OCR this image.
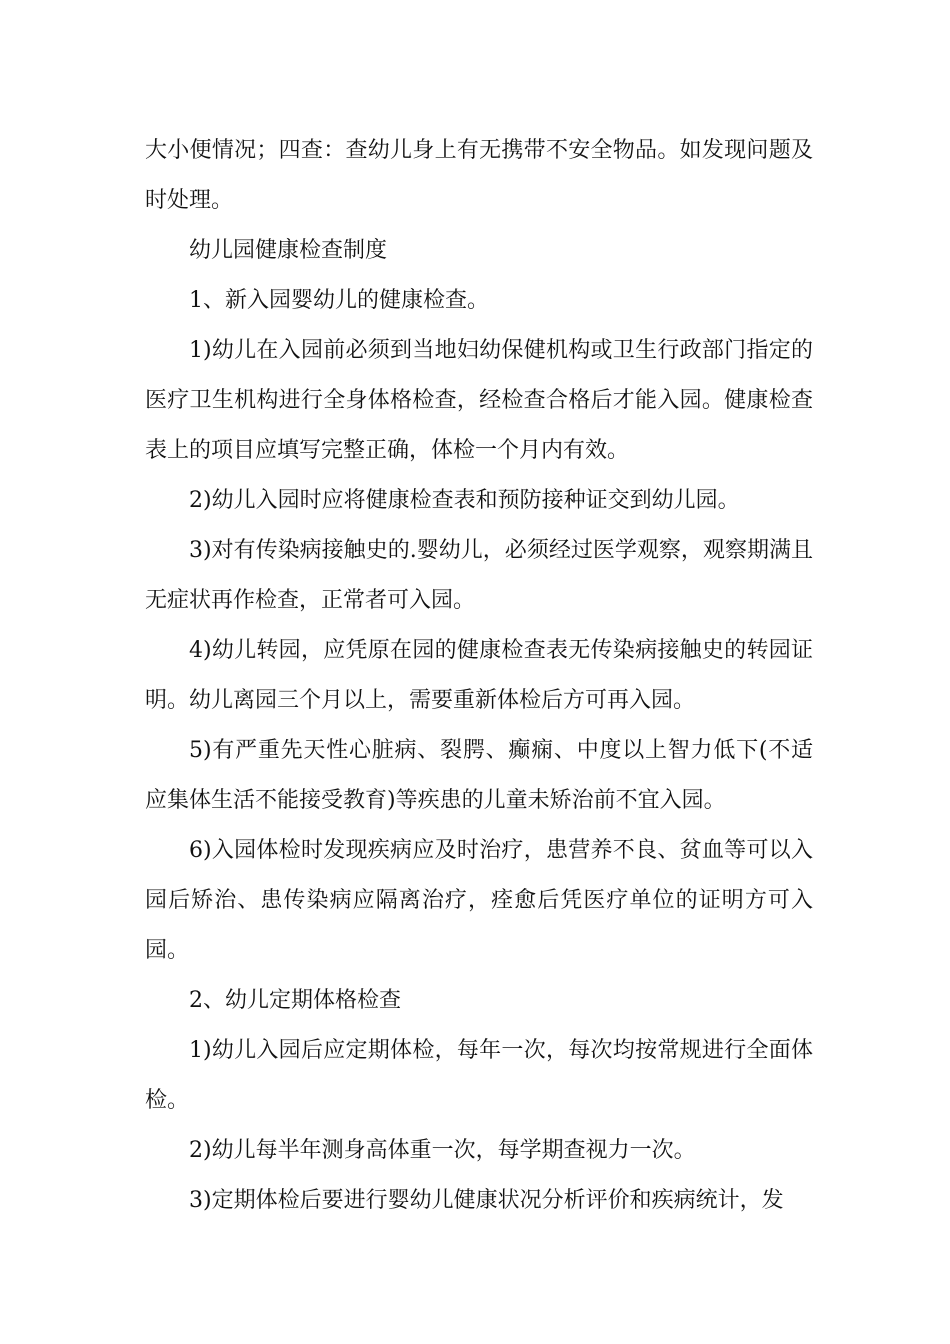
大小便情况；四查：查幼儿身上有无携带不安全物品。如发现问题及时处理。

幼儿园健康检查制度

1、新入园婴幼儿的健康检查。

1)幼儿在入园前必须到当地妇幼保健机构或卫生行政部门指定的医疗卫生机构进行全身体格检查，经检查合格后才能入园。健康检查表上的项目应填写完整正确，体检一个月内有效。

2)幼儿入园时应将健康检查表和预防接种证交到幼儿园。

3)对有传染病接触史的.婴幼儿，必须经过医学观察，观察期满且无症状再作检查，正常者可入园。

4)幼儿转园，应凭原在园的健康检查表无传染病接触史的转园证明。幼儿离园三个月以上，需要重新体检后方可再入园。

5)有严重先天性心脏病、裂腭、癫痫、中度以上智力低下(不适应集体生活不能接受教育)等疾患的儿童未矫治前不宜入园。

6)入园体检时发现疾病应及时治疗，患营养不良、贫血等可以入园后矫治、患传染病应隔离治疗，痊愈后凭医疗单位的证明方可入园。

2、幼儿定期体格检查

1)幼儿入园后应定期体检，每年一次，每次均按常规进行全面体检。

2)幼儿每半年测身高体重一次，每学期查视力一次。

3)定期体检后要进行婴幼儿健康状况分析评价和疾病统计，发
